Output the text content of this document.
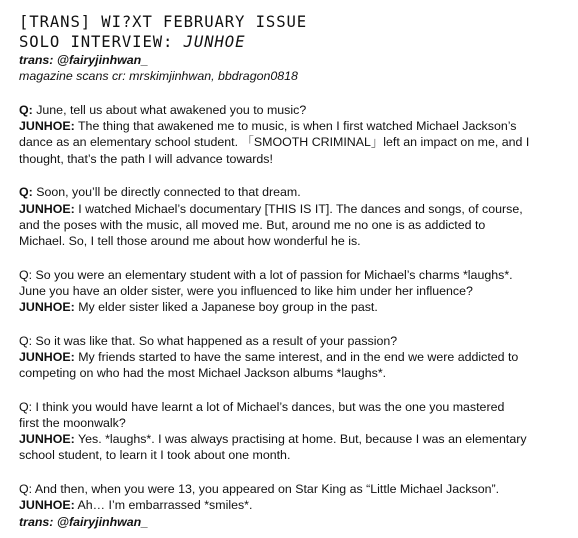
[TRANS] WI?XT FEBRUARY ISSUE
SOLO INTERVIEW: JUNHOE
trans: @fairyjinhwan_
magazine scans cr: mrskimjinhwan, bbdragon0818
Q: June, tell us about what awakened you to music?
JUNHOE: The thing that awakened me to music, is when I first watched Michael Jackson’s
dance as an elementary school student. 「SMOOTH CRIMINAL」left an impact on me, and I
thought, that’s the path I will advance towards!
Q: Soon, you’ll be directly connected to that dream.
JUNHOE: I watched Michael’s documentary [THIS IS IT]. The dances and songs, of course,
and the poses with the music, all moved me. But, around me no one is as addicted to
Michael. So, I tell those around me about how wonderful he is.
Q: So you were an elementary student with a lot of passion for Michael’s charms *laughs*.
June you have an older sister, were you influenced to like him under her influence?
JUNHOE: My elder sister liked a Japanese boy group in the past.
Q: So it was like that. So what happened as a result of your passion?
JUNHOE: My friends started to have the same interest, and in the end we were addicted to
competing on who had the most Michael Jackson albums *laughs*.
Q: I think you would have learnt a lot of Michael’s dances, but was the one you mastered
first the moonwalk?
JUNHOE: Yes. *laughs*. I was always practising at home. But, because I was an elementary
school student, to learn it I took about one month.
Q: And then, when you were 13, you appeared on Star King as “Little Michael Jackson”.
JUNHOE: Ah… I’m embarrassed *smiles*.
trans: @fairyjinhwan_
